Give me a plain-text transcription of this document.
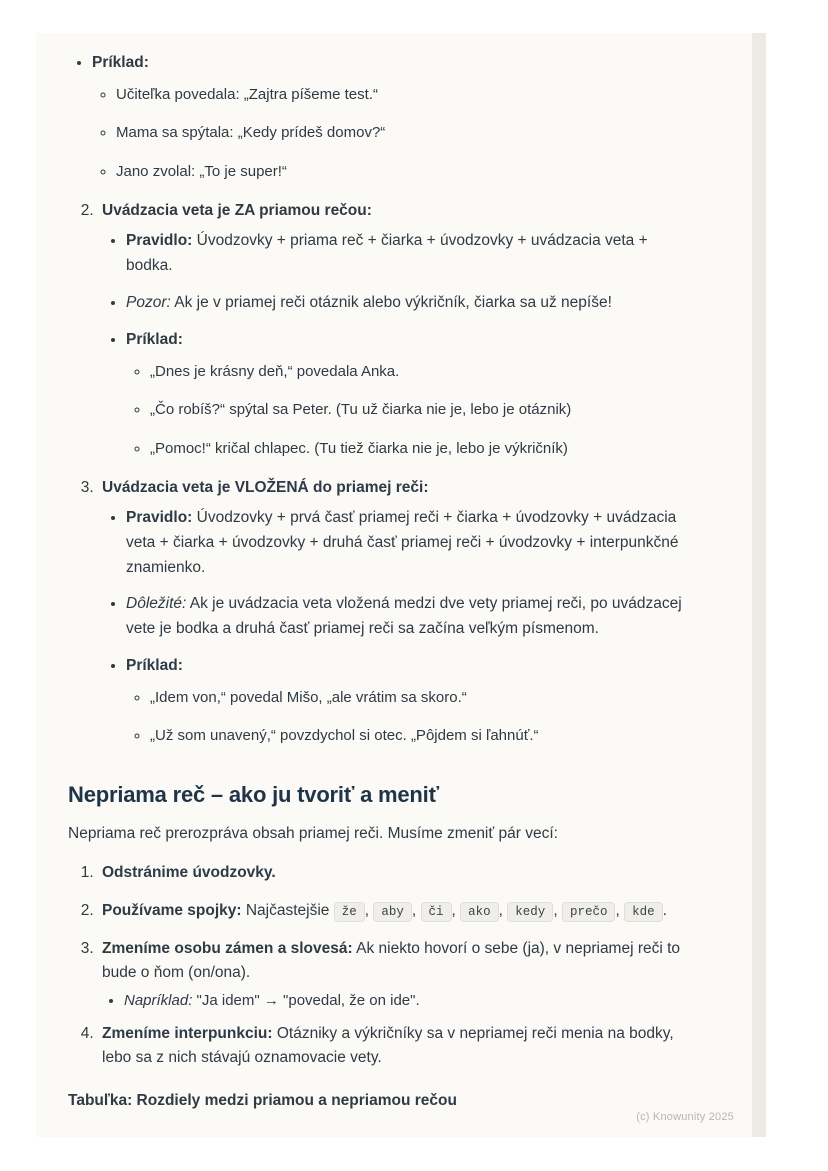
• Príklad:
◦ Učiteľka povedala: „Zajtra píšeme test.“
◦ Mama sa spýtala: „Kedy prídeš domov?“
◦ Jano zvolal: „To je super!“
2. Uvádzacia veta je ZA priamou rečou:
• Pravidlo: Úvodzovky + priama reč + čiarka + úvodzovky + uvádzacia veta + bodka.
• Pozor: Ak je v priamej reči otáznik alebo výkričník, čiarka sa už nepíše!
• Príklad:
◦ „Dnes je krásny deň,“ povedala Anka.
◦ „Čo robíš?“ spýtal sa Peter. (Tu už čiarka nie je, lebo je otáznik)
◦ „Pomoc!“ kričal chlapec. (Tu tiež čiarka nie je, lebo je výkričník)
3. Uvádzacia veta je VLOŽENÁ do priamej reči:
• Pravidlo: Úvodzovky + prvá časť priamej reči + čiarka + úvodzovky + uvádzacia veta + čiarka + úvodzovky + druhá časť priamej reči + úvodzovky + interpunkčné znamienko.
• Dôležité: Ak je uvádzacia veta vložená medzi dve vety priamej reči, po uvádzacej vete je bodka a druhá časť priamej reči sa začína veľkým písmenom.
• Príklad:
◦ „Idem von,“ povedal Mišo, „ale vrátim sa skoro.“
◦ „Už som unavený,“ povzdychol si otec. „Pôjdem si ľahnúť.“
Nepriama reč – ako ju tvoriť a meniť

Nepriama reč prerozpráva obsah priamej reči. Musíme zmeniť pár vecí:

1. Odstránime úvodzovky.
2. Používame spojky: Najčastejšie že , aby , či , ako , kedy , prečo , kde .
3. Zmeníme osobu zámen a slovesá: Ak niekto hovorí o sebe (ja), v nepriamej reči to bude o ňom (on/ona).
• Napríklad: "Ja idem" → "povedal, že on ide".
4. Zmeníme interpunkciu: Otázniky a výkričníky sa v nepriamej reči menia na bodky, lebo sa z nich stávajú oznamovacie vety.
Tabuľka: Rozdiely medzi priamou a nepriamou rečou
(c) Knowunity 2025
